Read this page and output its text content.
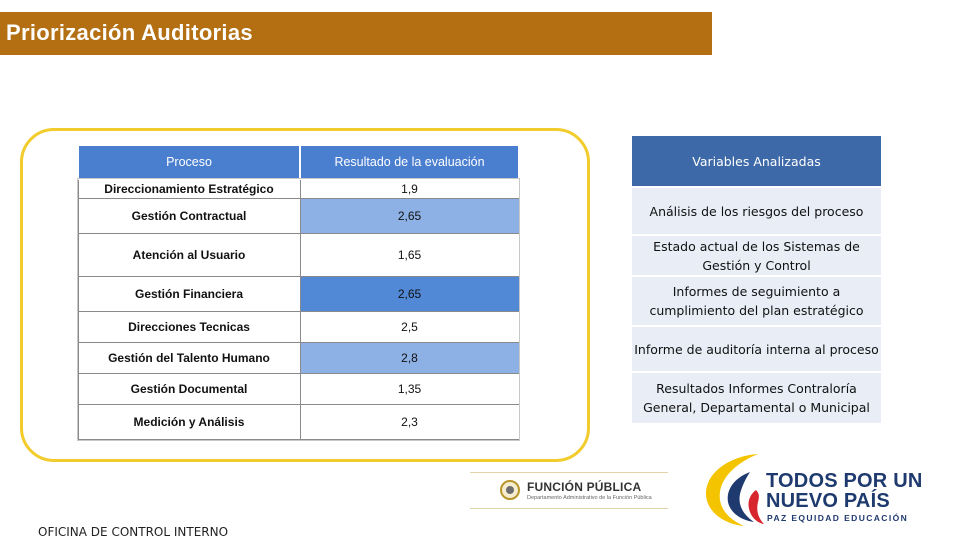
Priorización Auditorias
Proceso	Resultado de la evaluación
Direccionamiento Estratégico	1,9
Gestión Contractual	2,65
Atención al Usuario	1,65
Gestión Financiera	2,65
Direcciones Tecnicas	2,5
Gestión del Talento Humano	2,8
Gestión Documental	1,35
Medición y Análisis	2,3
Variables Analizadas
Análisis de los riesgos del proceso
Estado actual de los Sistemas de Gestión y Control
Informes de seguimiento a cumplimiento del plan estratégico
Informe de auditoría interna al proceso
Resultados Informes Contraloría General, Departamental o Municipal
FUNCIÓN PÚBLICA
Departamento Administrativo de la Función Pública
TODOS POR UN
NUEVO PAÍS
PAZ EQUIDAD EDUCACIÓN
OFICINA DE CONTROL INTERNO
